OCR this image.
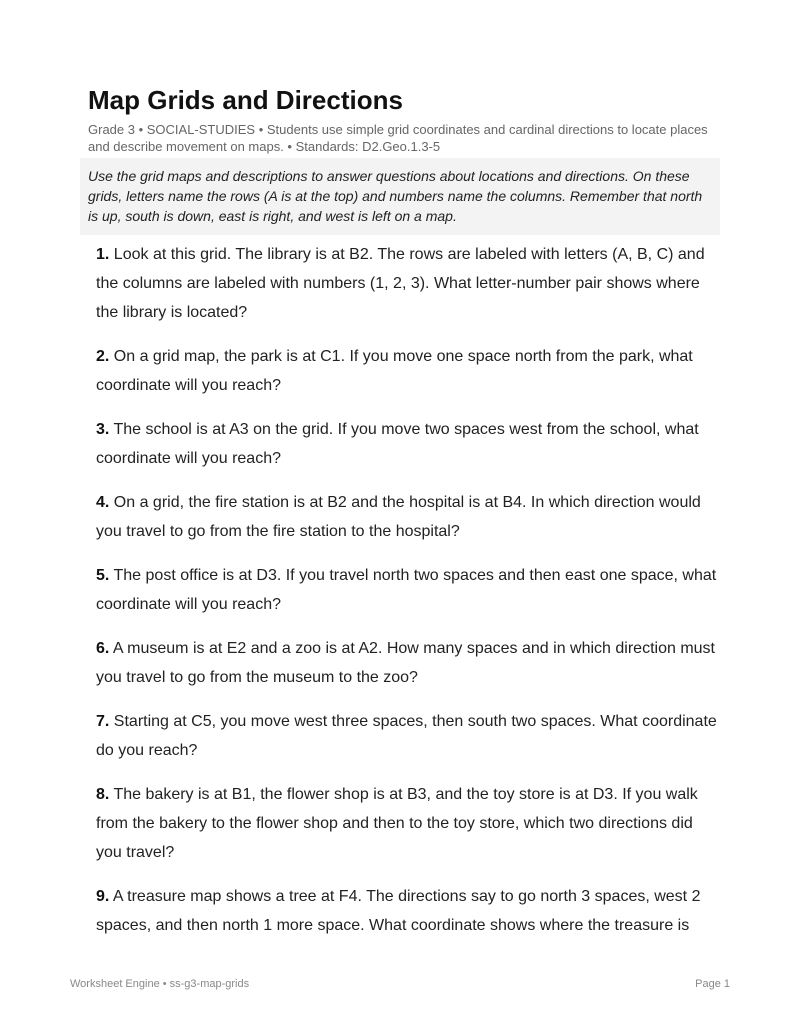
Map Grids and Directions
Grade 3 • SOCIAL-STUDIES • Students use simple grid coordinates and cardinal directions to locate places and describe movement on maps. • Standards: D2.Geo.1.3-5
Use the grid maps and descriptions to answer questions about locations and directions. On these grids, letters name the rows (A is at the top) and numbers name the columns. Remember that north is up, south is down, east is right, and west is left on a map.
1. Look at this grid. The library is at B2. The rows are labeled with letters (A, B, C) and the columns are labeled with numbers (1, 2, 3). What letter-number pair shows where the library is located?
2. On a grid map, the park is at C1. If you move one space north from the park, what coordinate will you reach?
3. The school is at A3 on the grid. If you move two spaces west from the school, what coordinate will you reach?
4. On a grid, the fire station is at B2 and the hospital is at B4. In which direction would you travel to go from the fire station to the hospital?
5. The post office is at D3. If you travel north two spaces and then east one space, what coordinate will you reach?
6. A museum is at E2 and a zoo is at A2. How many spaces and in which direction must you travel to go from the museum to the zoo?
7. Starting at C5, you move west three spaces, then south two spaces. What coordinate do you reach?
8. The bakery is at B1, the flower shop is at B3, and the toy store is at D3. If you walk from the bakery to the flower shop and then to the toy store, which two directions did you travel?
9. A treasure map shows a tree at F4. The directions say to go north 3 spaces, west 2 spaces, and then north 1 more space. What coordinate shows where the treasure is
Worksheet Engine • ss-g3-map-grids	Page 1
